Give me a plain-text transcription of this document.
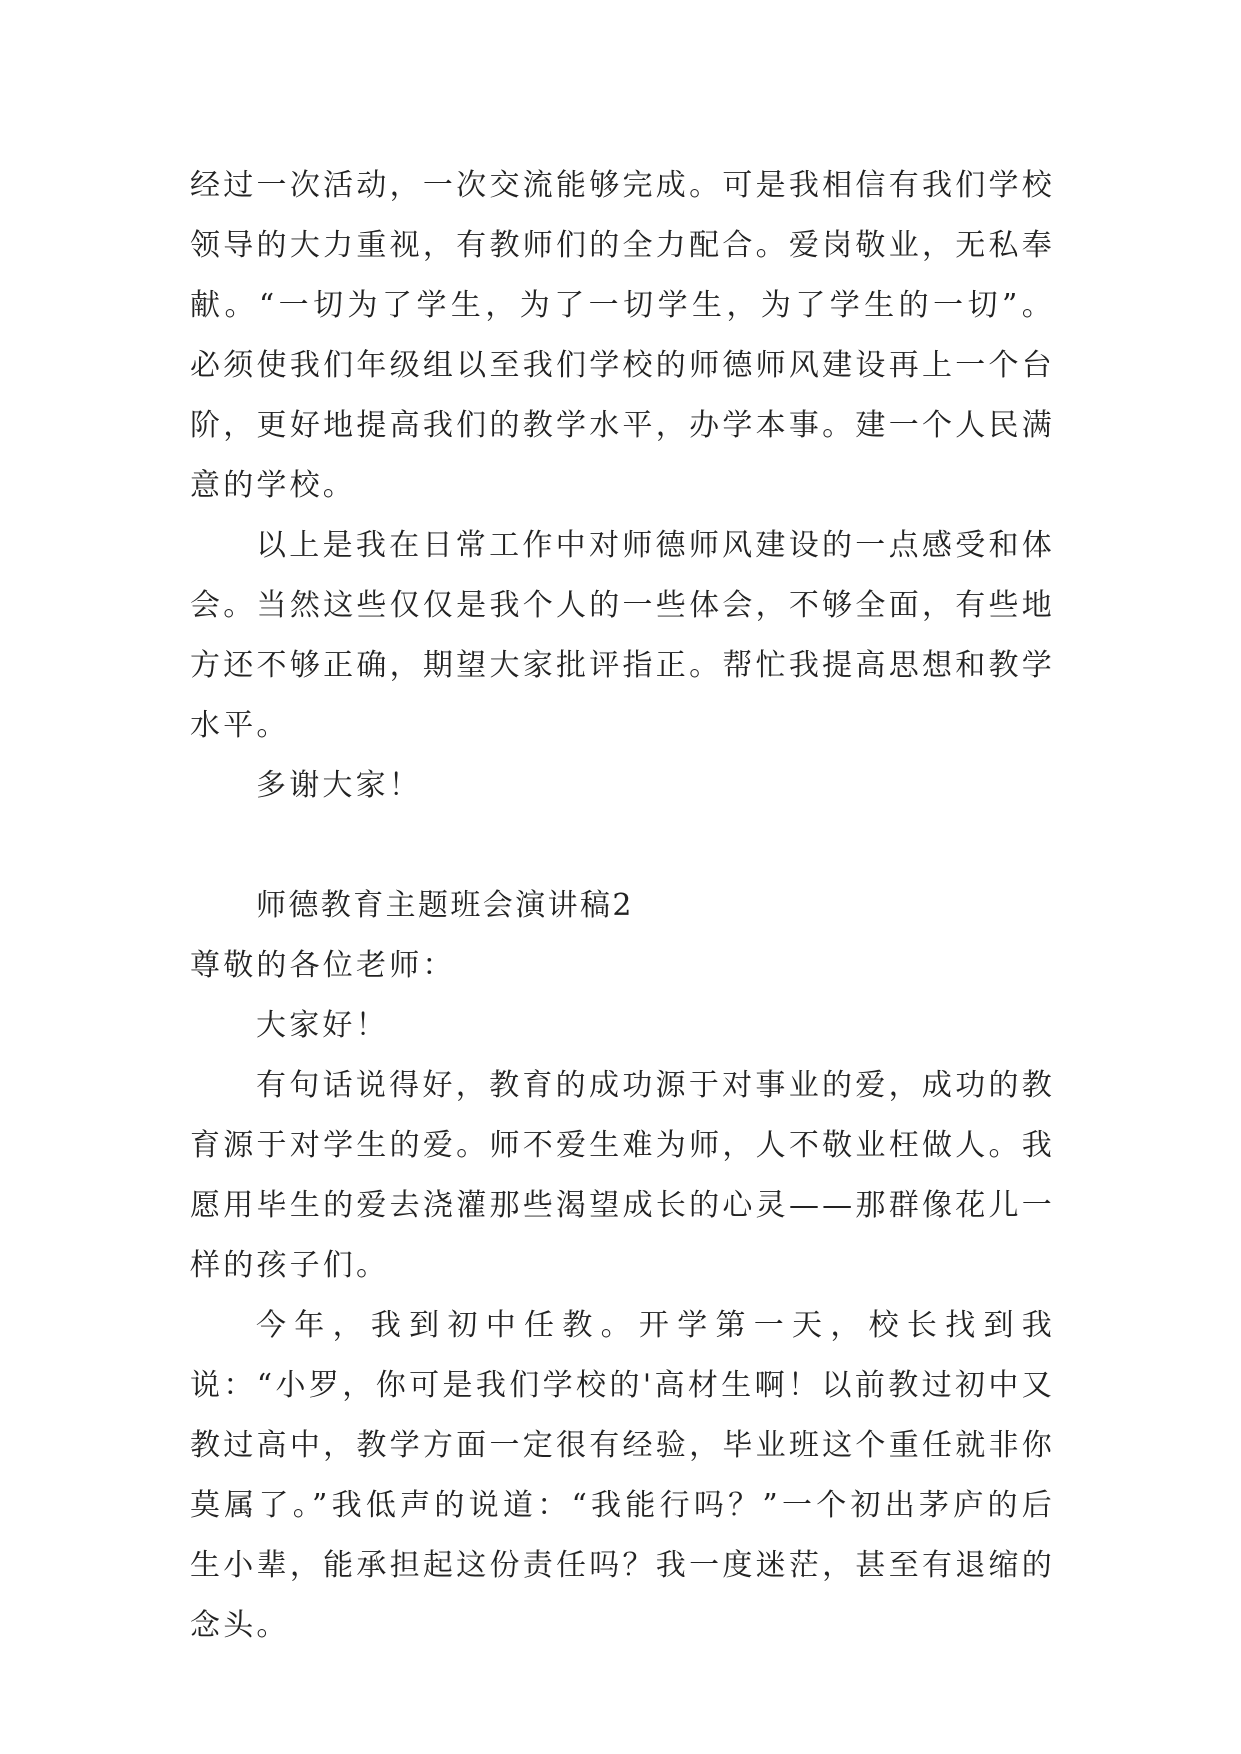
经过一次活动，一次交流能够完成。可是我相信有我们学校领导的大力重视，有教师们的全力配合。爱岗敬业，无私奉献。“一切为了学生，为了一切学生，为了学生的一切”。必须使我们年级组以至我们学校的师德师风建设再上一个台阶，更好地提高我们的教学水平，办学本事。建一个人民满意的学校。

以上是我在日常工作中对师德师风建设的一点感受和体会。当然这些仅仅是我个人的一些体会，不够全面，有些地方还不够正确，期望大家批评指正。帮忙我提高思想和教学水平。

多谢大家！

师德教育主题班会演讲稿2

尊敬的各位老师：

大家好！

有句话说得好，教育的成功源于对事业的爱，成功的教育源于对学生的爱。师不爱生难为师，人不敬业枉做人。我愿用毕生的爱去浇灌那些渴望成长的心灵——那群像花儿一样的孩子们。

今年，我到初中任教。开学第一天，校长找到我说：“小罗，你可是我们学校的'高材生啊！以前教过初中又教过高中，教学方面一定很有经验，毕业班这个重任就非你莫属了。”我低声的说道：“我能行吗？”一个初出茅庐的后生小辈，能承担起这份责任吗？我一度迷茫，甚至有退缩的念头。
